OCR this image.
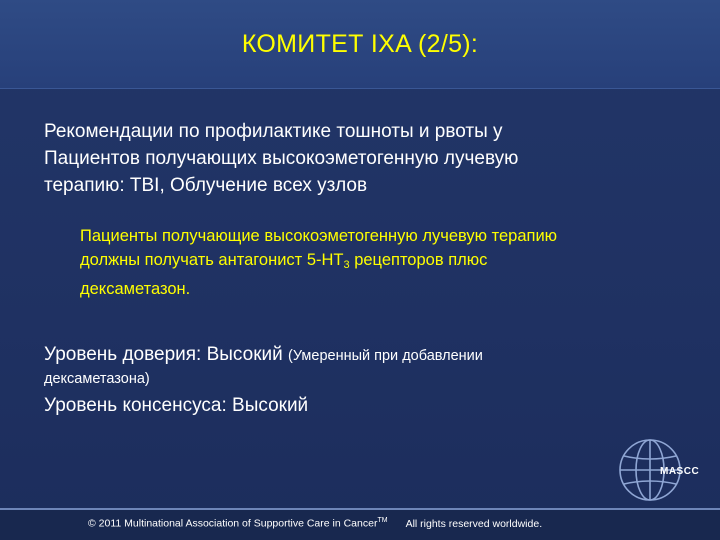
КОМИТЕТ IXA (2/5):
Рекомендации по профилактике тошноты и рвоты у
Пациентов получающих высокоэметогенную лучевую
терапию: TBI, Облучение всех узлов
Пациенты получающие высокоэметогенную лучевую терапию
должны получать антагонист $5-HT_3$ рецепторов плюс
дексаметазон.
Уровень доверия: Высокий (Умеренный при добавлении
дексаметазона)
Уровень консенсуса: Высокий
MASCC
© 2011 Multinational Association of Supportive Care in Cancer™ All rights reserved worldwide.
